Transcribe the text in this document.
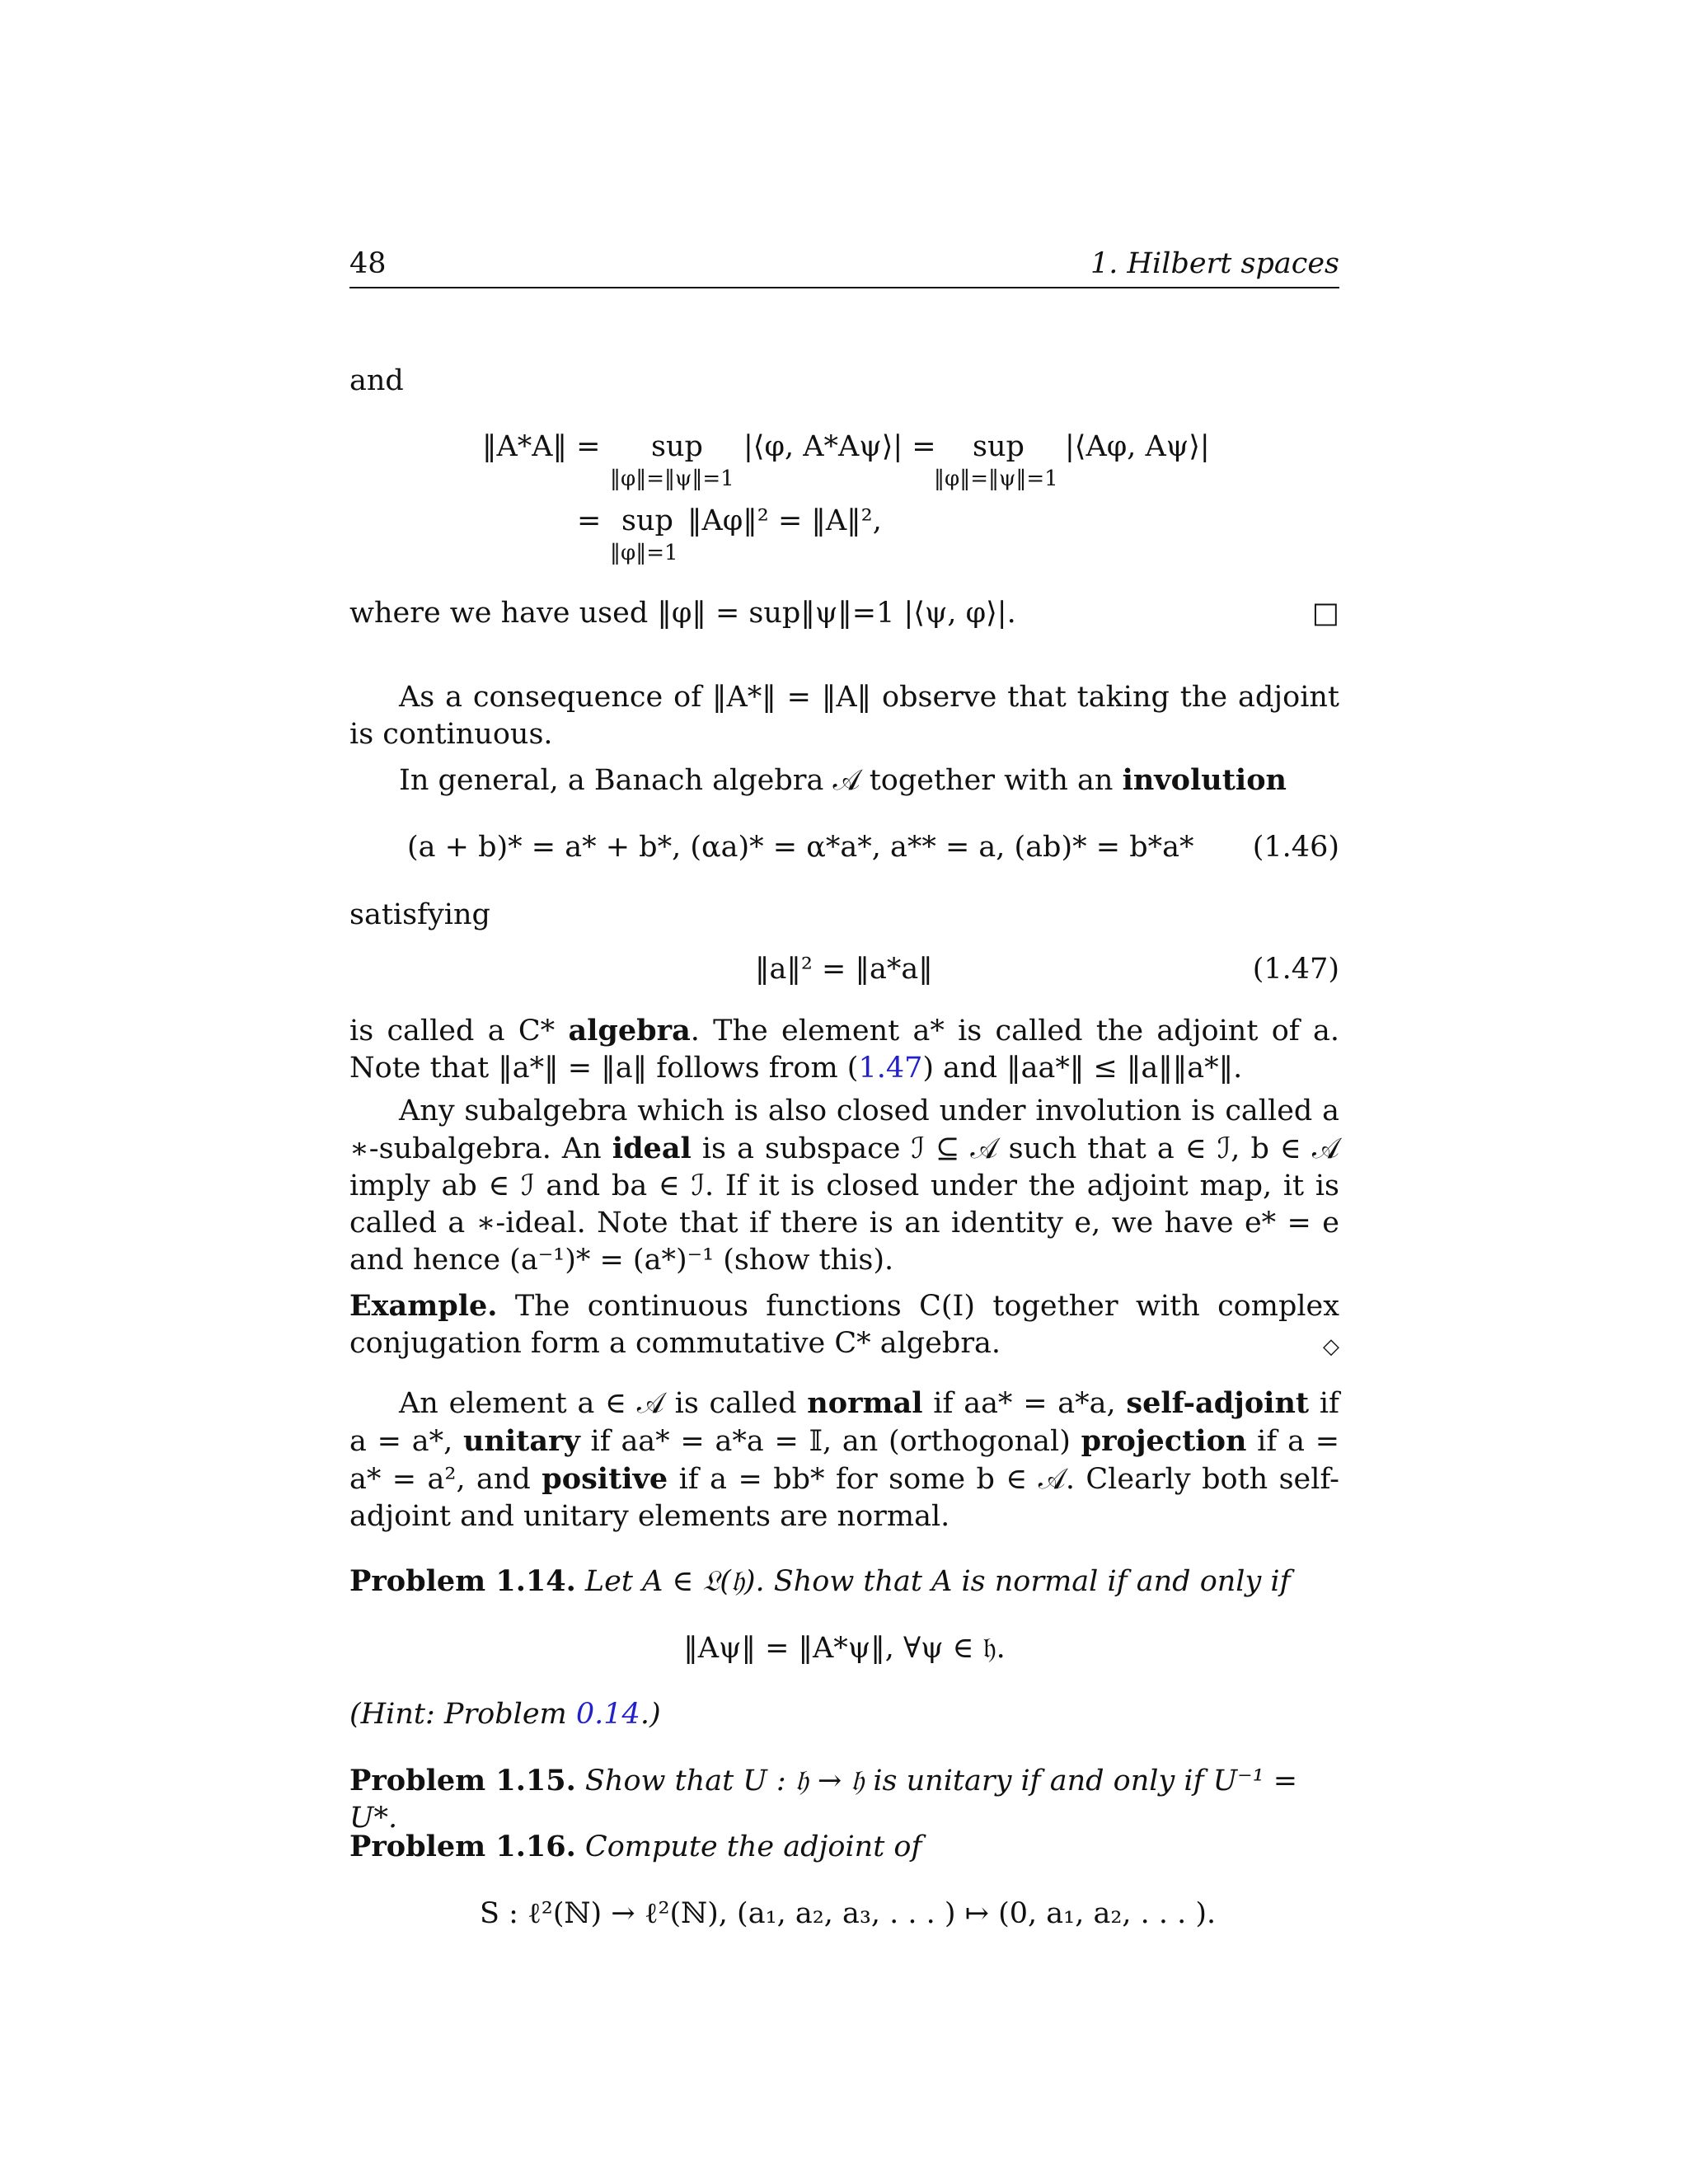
48	1. Hilbert spaces
and
‖A*A‖ = sup
‖φ‖=‖ψ‖=1
|⟨φ, A*Aψ⟩| = sup
‖φ‖=‖ψ‖=1
|⟨Aφ, Aψ⟩|
= sup
‖φ‖=1
‖Aφ‖² = ‖A‖²,
where we have used ‖φ‖ = sup‖ψ‖=1 |⟨ψ, φ⟩|.	□
As a consequence of ‖A*‖ = ‖A‖ observe that taking the adjoint is continuous.
In general, a Banach algebra 𝒜 together with an involution
(a + b)* = a* + b*, (αa)* = α*a*, a** = a, (ab)* = b*a* (1.46)
satisfying
‖a‖² = ‖a*a‖	(1.47)
is called a C* algebra. The element a* is called the adjoint of a. Note that ‖a*‖ = ‖a‖ follows from (1.47) and ‖aa*‖ ≤ ‖a‖‖a*‖.
Any subalgebra which is also closed under involution is called a ∗-subalgebra. An ideal is a subspace ℐ ⊆ 𝒜 such that a ∈ ℐ, b ∈ 𝒜 imply ab ∈ ℐ and ba ∈ ℐ. If it is closed under the adjoint map, it is called a ∗-ideal. Note that if there is an identity e, we have e* = e and hence (a⁻¹)* = (a*)⁻¹ (show this).
Example. The continuous functions C(I) together with complex conjugation form a commutative C* algebra.	◇
An element a ∈ 𝒜 is called normal if aa* = a*a, self-adjoint if a = a*, unitary if aa* = a*a = 𝕀, an (orthogonal) projection if a = a* = a², and positive if a = bb* for some b ∈ 𝒜. Clearly both self-adjoint and unitary elements are normal.
Problem 1.14. Let A ∈ 𝔏(𝔥). Show that A is normal if and only if
‖Aψ‖ = ‖A*ψ‖, ∀ψ ∈ 𝔥.
(Hint: Problem 0.14.)
Problem 1.15. Show that U : 𝔥 → 𝔥 is unitary if and only if U⁻¹ = U*.
Problem 1.16. Compute the adjoint of
S : ℓ²(ℕ) → ℓ²(ℕ), (a₁, a₂, a₃, . . . ) ↦ (0, a₁, a₂, . . . ).
